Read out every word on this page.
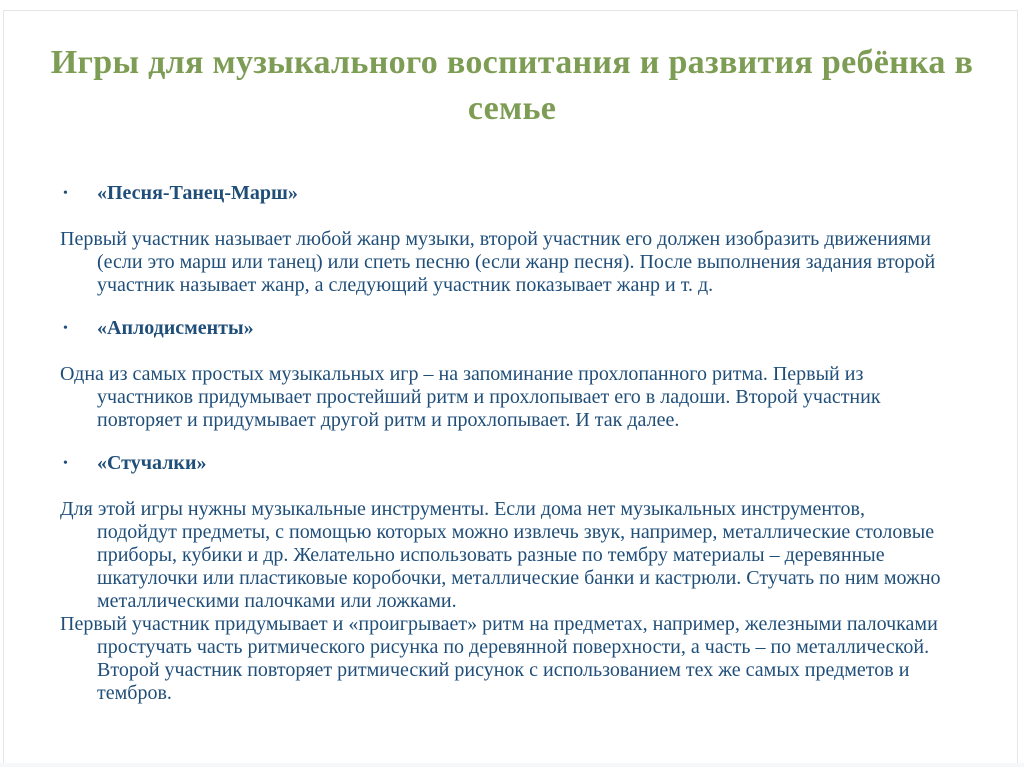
Игры для музыкального воспитания и развития ребёнка в семье
• «Песня-Танец-Марш»

Первый участник называет любой жанр музыки, второй участник его должен изобразить движениями (если это марш или танец) или спеть песню (если жанр песня). После выполнения задания второй участник называет жанр, а следующий участник показывает жанр и т. д.

• «Аплодисменты»

Одна из самых простых музыкальных игр – на запоминание прохлопанного ритма. Первый из участников придумывает простейший ритм и прохлопывает его в ладоши. Второй участник повторяет и придумывает другой ритм и прохлопывает. И так далее.

• «Стучалки»

Для этой игры нужны музыкальные инструменты. Если дома нет музыкальных инструментов, подойдут предметы, с помощью которых можно извлечь звук, например, металлические столовые приборы, кубики и др. Желательно использовать разные по тембру материалы – деревянные шкатулочки или пластиковые коробочки, металлические банки и кастрюли. Стучать по ним можно металлическими палочками или ложками.

Первый участник придумывает и «проигрывает» ритм на предметах, например, железными палочками простучать часть ритмического рисунка по деревянной поверхности, а часть – по металлической. Второй участник повторяет ритмический рисунок с использованием тех же самых предметов и тембров.
